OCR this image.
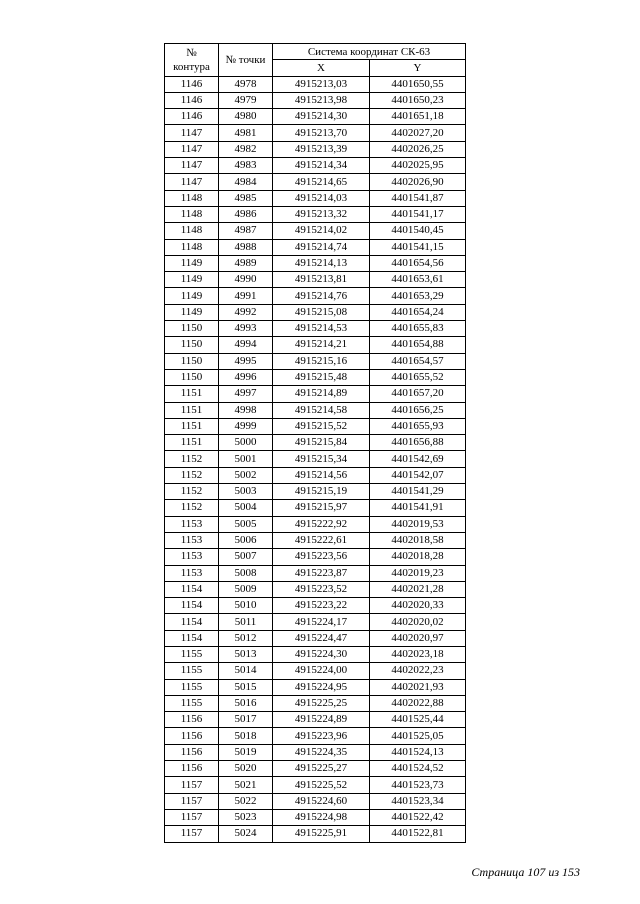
№
контура	№ точки	Система координат СК-63	
		X	Y
1146	4978	4915213,03	4401650,55
1146	4979	4915213,98	4401650,23
1146	4980	4915214,30	4401651,18
1147	4981	4915213,70	4402027,20
1147	4982	4915213,39	4402026,25
1147	4983	4915214,34	4402025,95
1147	4984	4915214,65	4402026,90
1148	4985	4915214,03	4401541,87
1148	4986	4915213,32	4401541,17
1148	4987	4915214,02	4401540,45
1148	4988	4915214,74	4401541,15
1149	4989	4915214,13	4401654,56
1149	4990	4915213,81	4401653,61
1149	4991	4915214,76	4401653,29
1149	4992	4915215,08	4401654,24
1150	4993	4915214,53	4401655,83
1150	4994	4915214,21	4401654,88
1150	4995	4915215,16	4401654,57
1150	4996	4915215,48	4401655,52
1151	4997	4915214,89	4401657,20
1151	4998	4915214,58	4401656,25
1151	4999	4915215,52	4401655,93
1151	5000	4915215,84	4401656,88
1152	5001	4915215,34	4401542,69
1152	5002	4915214,56	4401542,07
1152	5003	4915215,19	4401541,29
1152	5004	4915215,97	4401541,91
1153	5005	4915222,92	4402019,53
1153	5006	4915222,61	4402018,58
1153	5007	4915223,56	4402018,28
1153	5008	4915223,87	4402019,23
1154	5009	4915223,52	4402021,28
1154	5010	4915223,22	4402020,33
1154	5011	4915224,17	4402020,02
1154	5012	4915224,47	4402020,97
1155	5013	4915224,30	4402023,18
1155	5014	4915224,00	4402022,23
1155	5015	4915224,95	4402021,93
1155	5016	4915225,25	4402022,88
1156	5017	4915224,89	4401525,44
1156	5018	4915223,96	4401525,05
1156	5019	4915224,35	4401524,13
1156	5020	4915225,27	4401524,52
1157	5021	4915225,52	4401523,73
1157	5022	4915224,60	4401523,34
1157	5023	4915224,98	4401522,42
1157	5024	4915225,91	4401522,81
Страница 107 из 153
